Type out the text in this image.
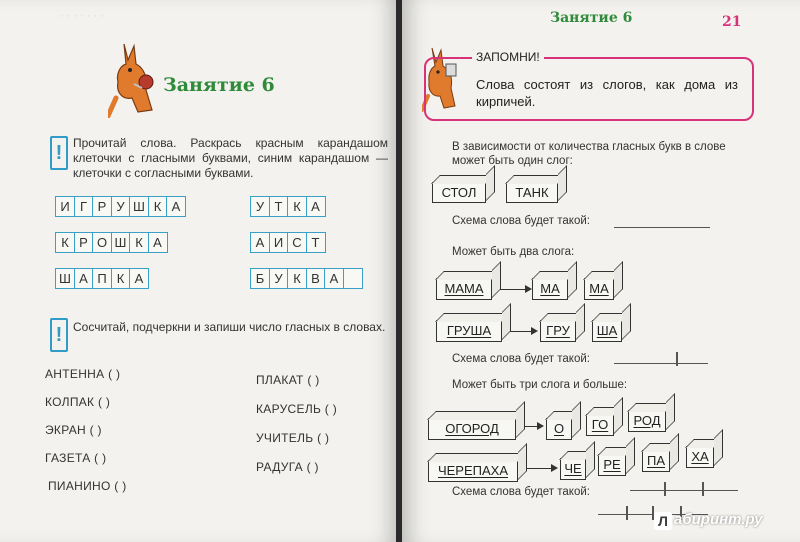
· · · · · · ·
Занятие 6
! Прочитай слова. Раскрась красным карандашом клеточки с гласными буквами, синим карандашом — клеточки с согласными буквами.
И Г Р У Ш К А
К Р О Ш К А
Ш А П К А
У Т К А
А И С Т
Б У К В А
! Сосчитай, подчеркни и запиши число гласных в словах.
АНТЕННА ( )
КОЛПАК ( )
ЭКРАН ( )
ГАЗЕТА ( )
ПИАНИНО ( )
ПЛАКАТ ( )
КАРУСЕЛЬ ( )
УЧИТЕЛЬ ( )
РАДУГА ( )
Занятие 6	21
ЗАПОМНИ!
Слова состоят из слогов, как дома из кирпичей.
В зависимости от количества гласных букв в слове может быть один слог:
СТОЛ	ТАНК
Схема слова будет такой:
Может быть два слога:
МАМА	МА	МА
ГРУША	ГРУ	ША
Схема слова будет такой:
Может быть три слога и больше:
ОГОРОД	О	ГО	РОД
ЧЕРЕПАХА	ЧЕ	РЕ	ПА	ХА
Схема слова будет такой:
Л абиринт.ру
